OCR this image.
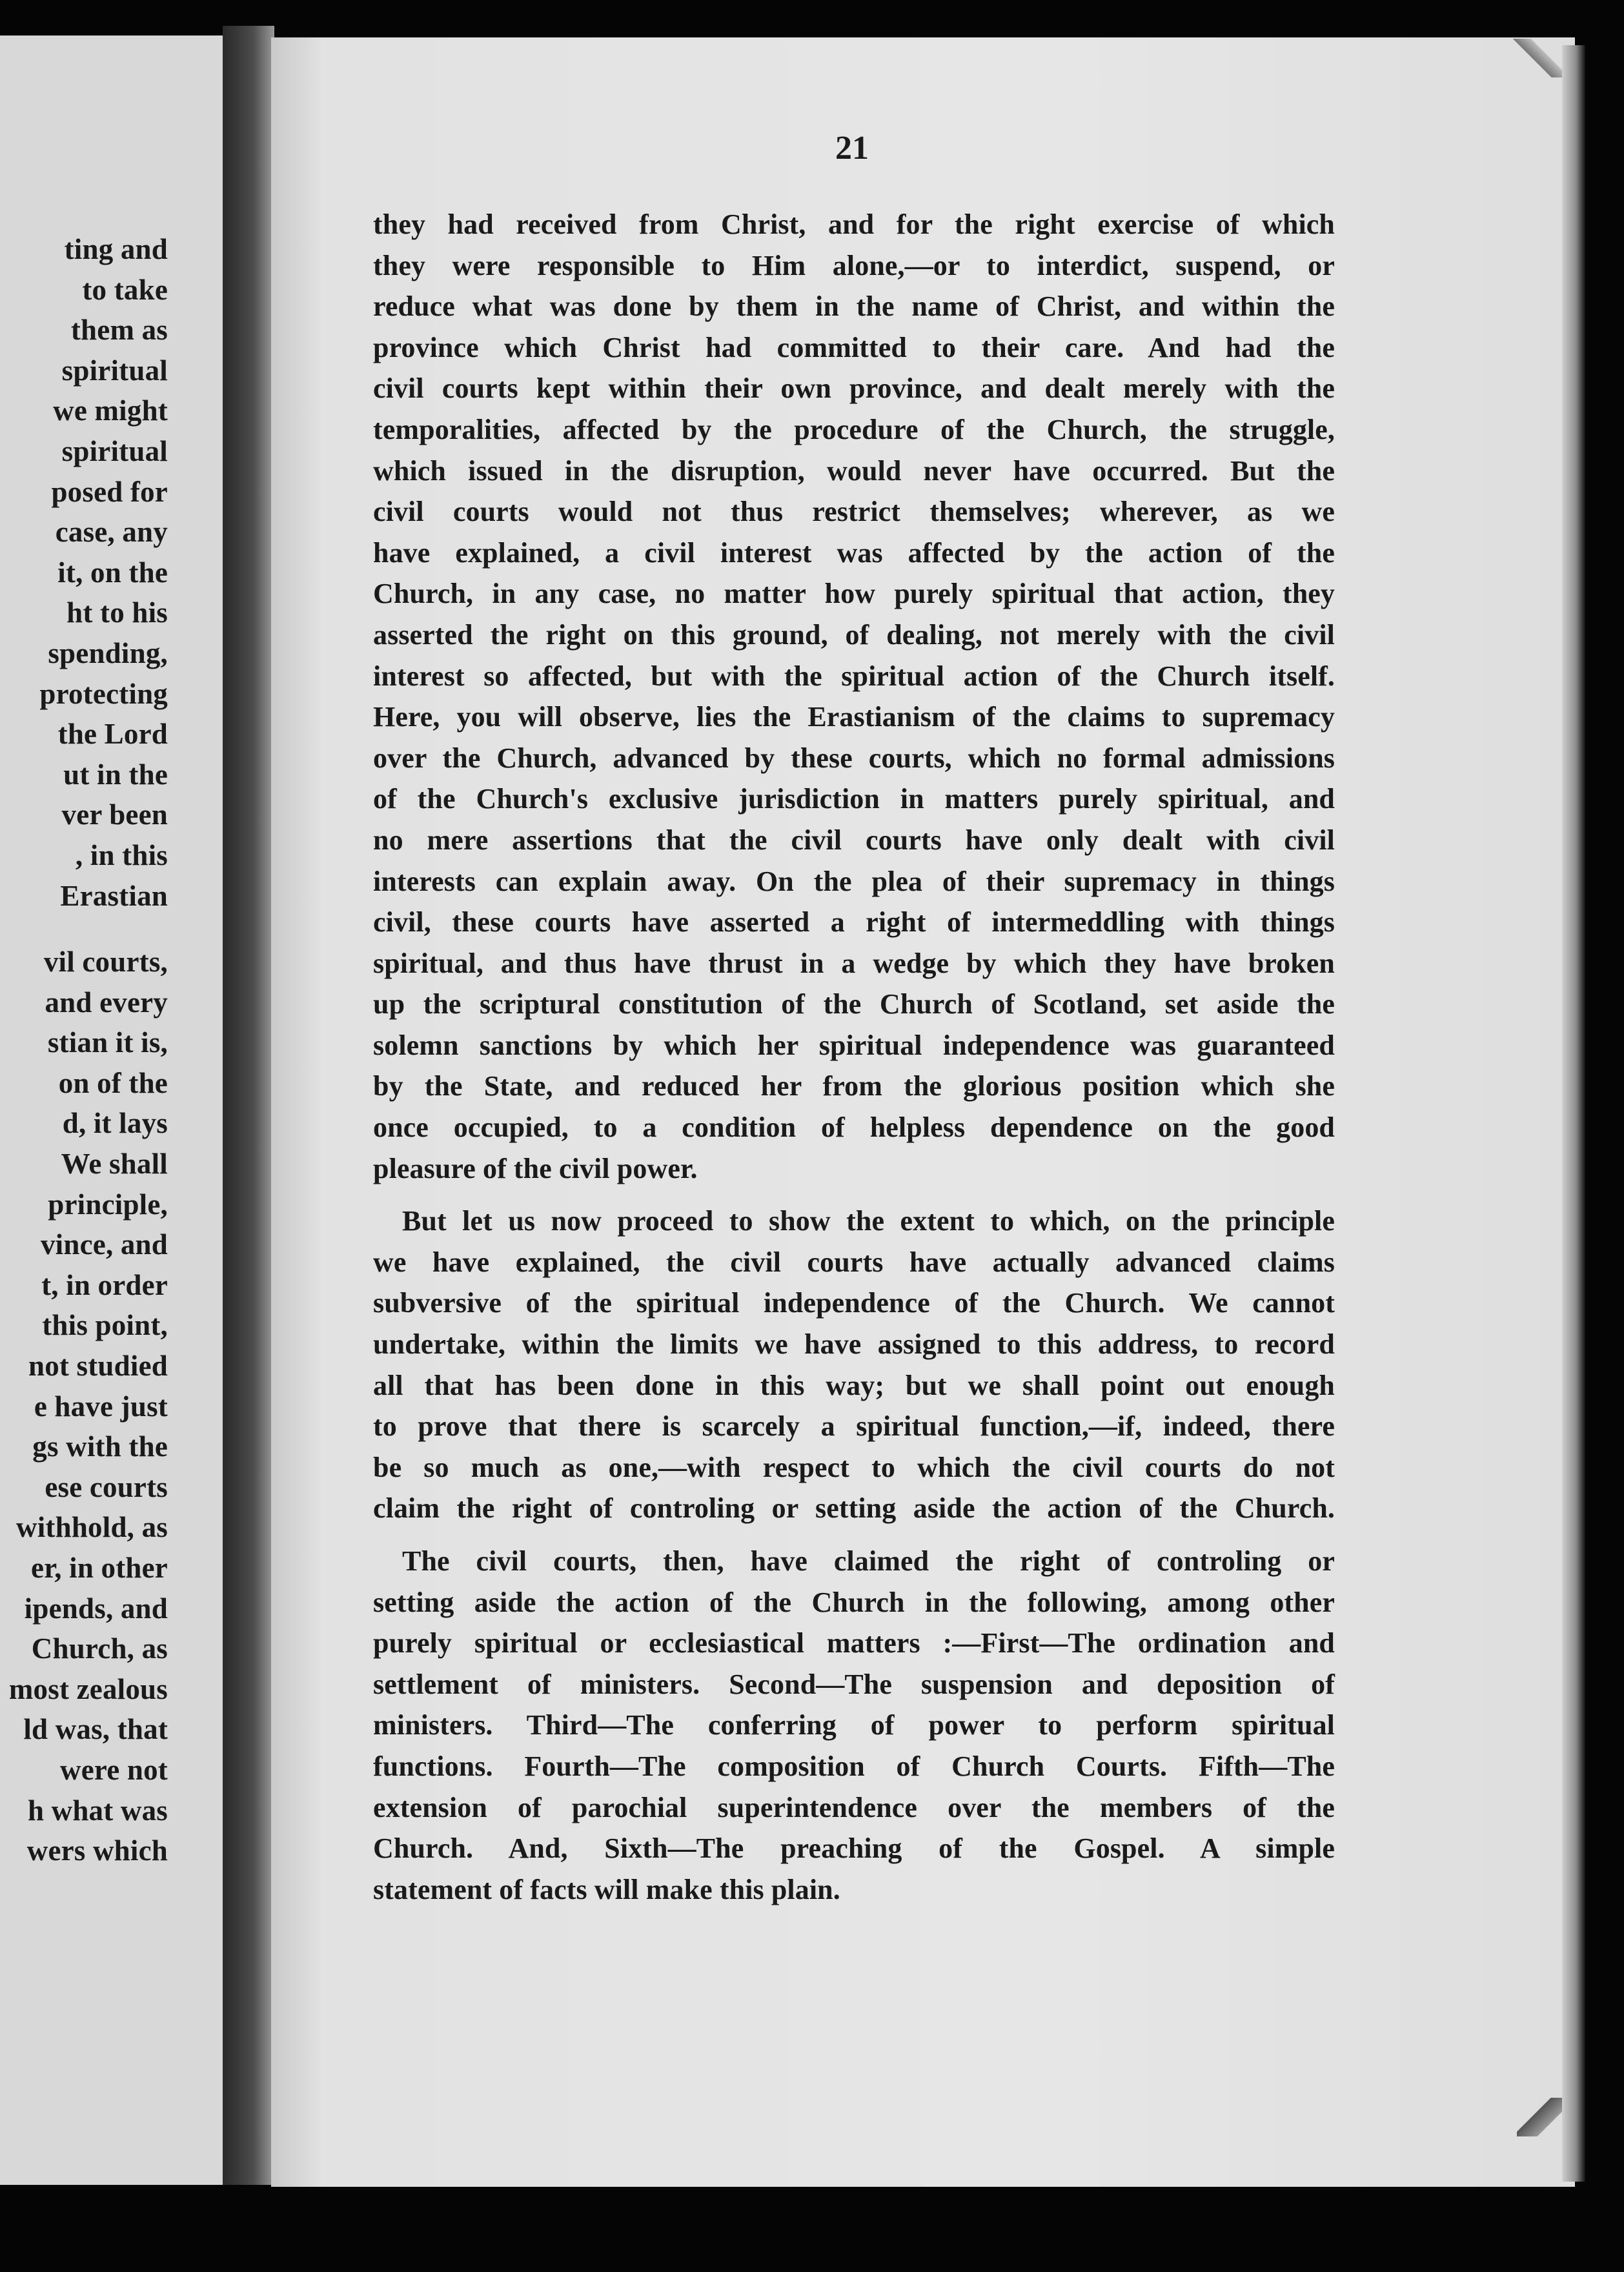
ting and
to take
them as
spiritual
we might
spiritual
posed for
case, any
it, on the
ht to his
spending,
protecting
the Lord
ut in the
ver been
, in this
Erastian
vil courts,
and every
stian it is,
on of the
d, it lays
We shall
principle,
vince, and
t, in order
this point,
not studied
e have just
gs with the
ese courts
withhold, as
er, in other
ipends, and
Church, as
most zealous
ld was, that
were not
h what was
wers which
21

they had received from Christ, and for the right exercise of which
they were responsible to Him alone,—or to interdict, suspend, or
reduce what was done by them in the name of Christ, and within the
province which Christ had committed to their care. And had the
civil courts kept within their own province, and dealt merely with the
temporalities, affected by the procedure of the Church, the struggle,
which issued in the disruption, would never have occurred. But the
civil courts would not thus restrict themselves; wherever, as we
have explained, a civil interest was affected by the action of the
Church, in any case, no matter how purely spiritual that action, they
asserted the right on this ground, of dealing, not merely with the civil
interest so affected, but with the spiritual action of the Church itself.
Here, you will observe, lies the Erastianism of the claims to supremacy
over the Church, advanced by these courts, which no formal admissions
of the Church's exclusive jurisdiction in matters purely spiritual, and
no mere assertions that the civil courts have only dealt with civil
interests can explain away. On the plea of their supremacy in things
civil, these courts have asserted a right of intermeddling with things
spiritual, and thus have thrust in a wedge by which they have broken
up the scriptural constitution of the Church of Scotland, set aside the
solemn sanctions by which her spiritual independence was guaranteed
by the State, and reduced her from the glorious position which she
once occupied, to a condition of helpless dependence on the good
pleasure of the civil power.

But let us now proceed to show the extent to which, on the principle
we have explained, the civil courts have actually advanced claims
subversive of the spiritual independence of the Church. We cannot
undertake, within the limits we have assigned to this address, to record
all that has been done in this way; but we shall point out enough
to prove that there is scarcely a spiritual function,—if, indeed, there
be so much as one,—with respect to which the civil courts do not
claim the right of controling or setting aside the action of the Church.

The civil courts, then, have claimed the right of controling or
setting aside the action of the Church in the following, among other
purely spiritual or ecclesiastical matters :—First—The ordination and
settlement of ministers. Second—The suspension and deposition of
ministers. Third—The conferring of power to perform spiritual
functions. Fourth—The composition of Church Courts. Fifth—The
extension of parochial superintendence over the members of the
Church. And, Sixth—The preaching of the Gospel. A simple
statement of facts will make this plain.
